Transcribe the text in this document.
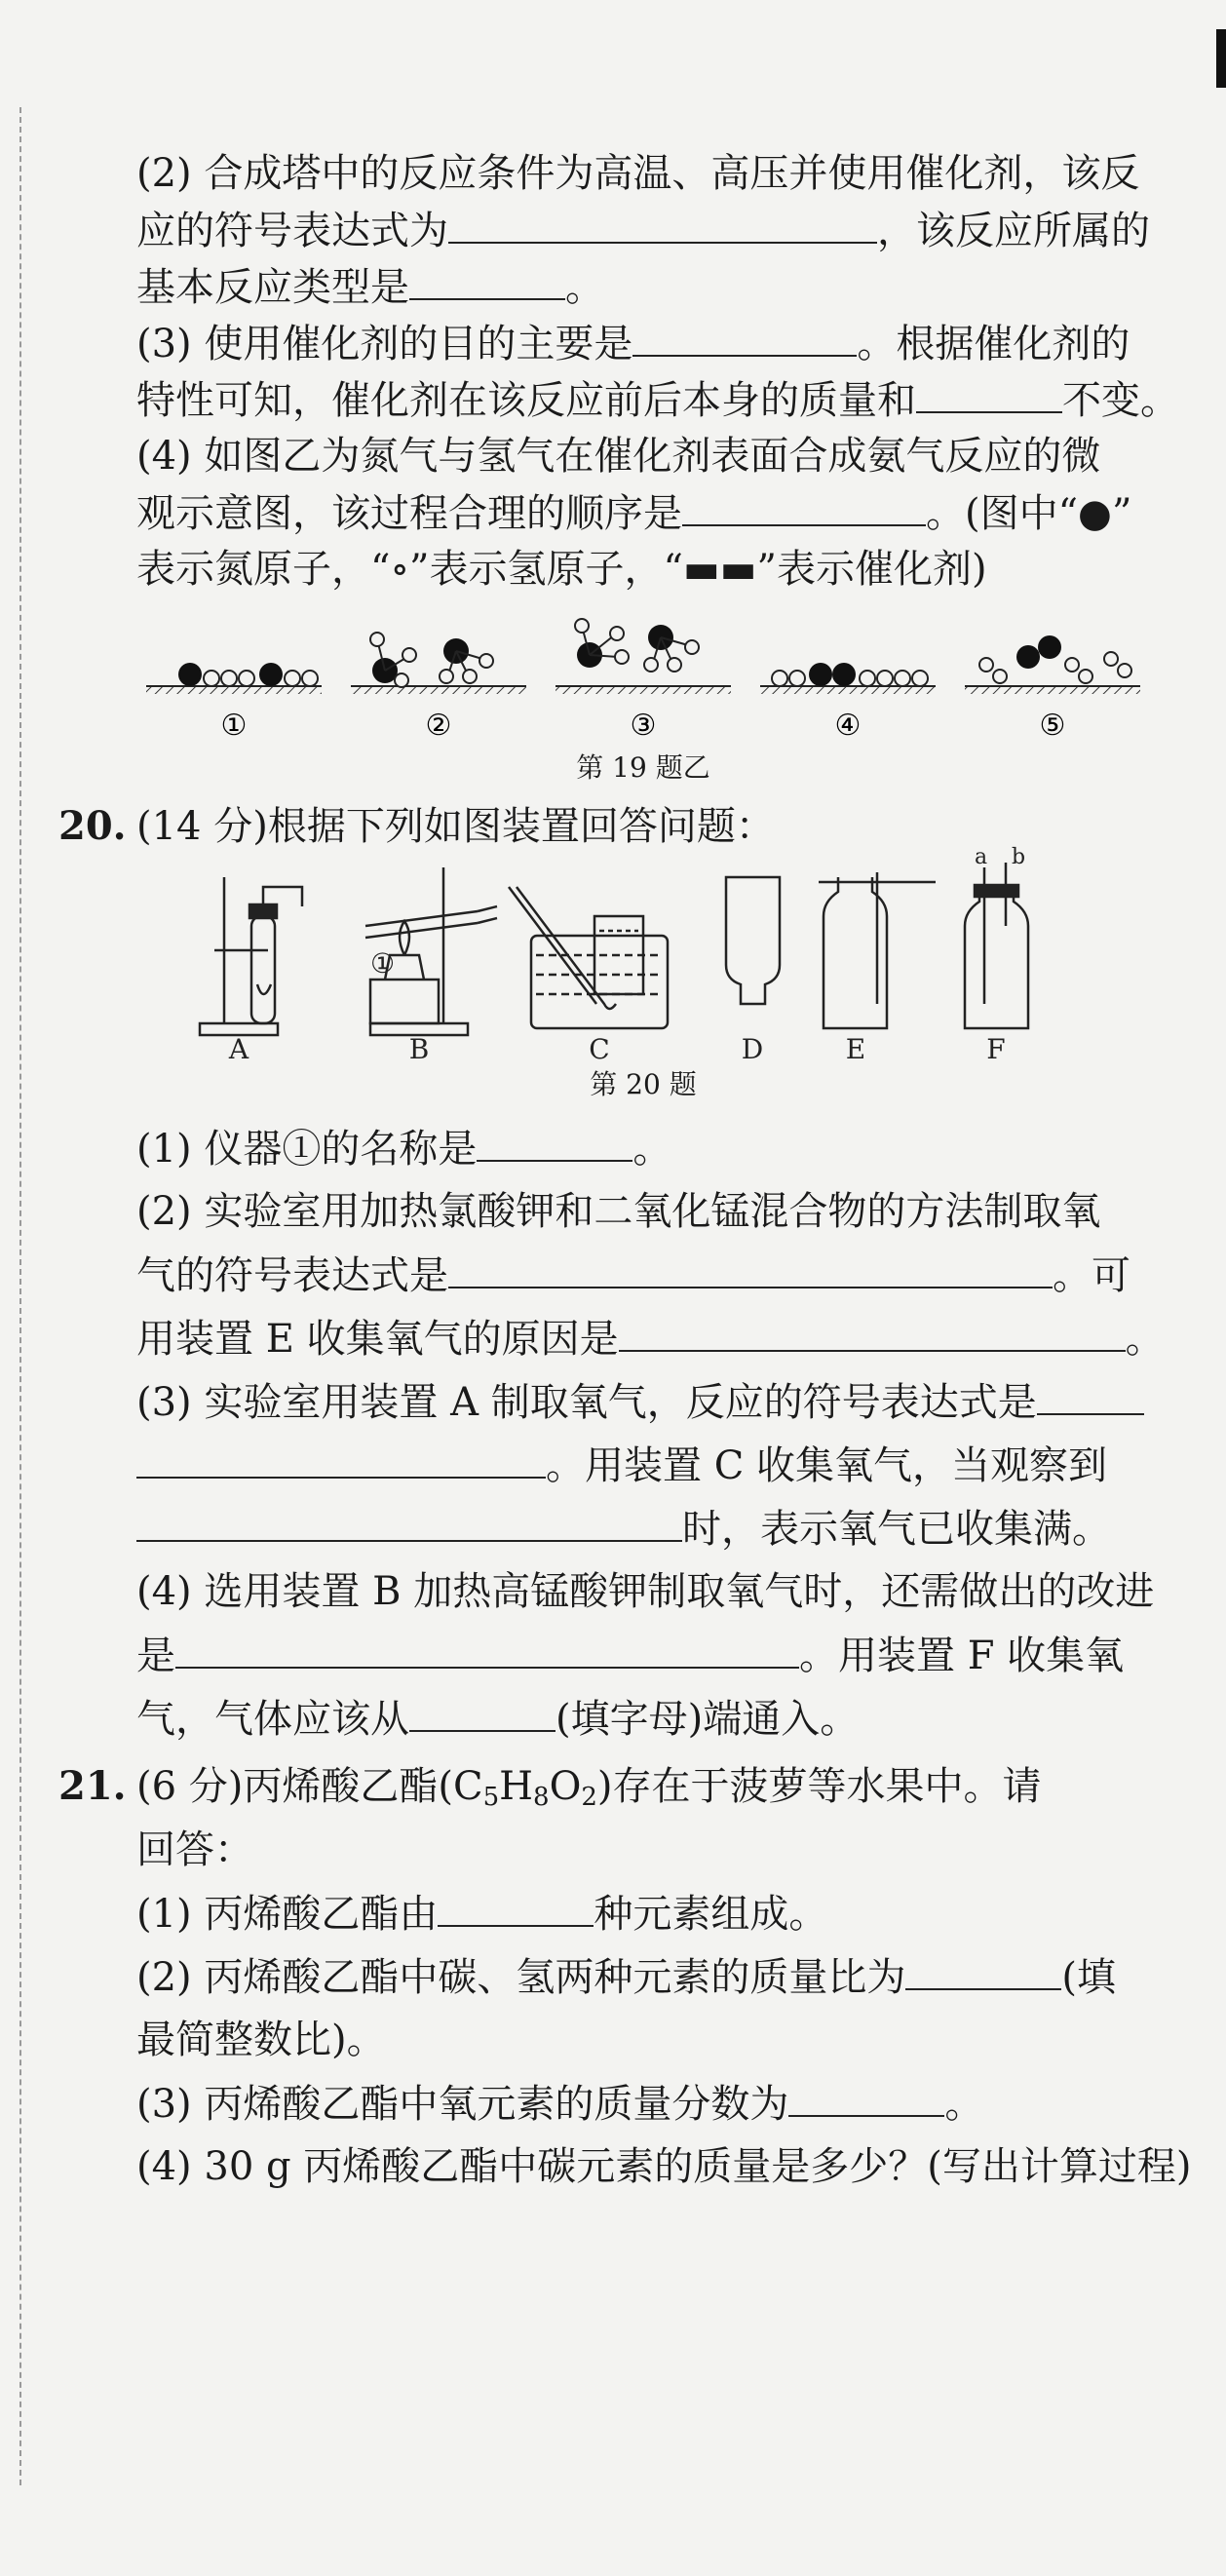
(2) 合成塔中的反应条件为高温、高压并使用催化剂，该反
应的符号表达式为	，该反应所属的
基本反应类型是	。
(3) 使用催化剂的目的主要是	。根据催化剂的
特性可知，催化剂在该反应前后本身的质量和	不变。
(4) 如图乙为氮气与氢气在催化剂表面合成氨气反应的微
观示意图，该过程合理的顺序是	。(图中“●”
表示氮原子，“∘”表示氢原子，“▬▬”表示催化剂)
①	②	③	④	⑤
第 19 题乙
20. (14 分)根据下列如图装置回答问题：
①
a b
A	B	C	D	E	F
第 20 题
(1) 仪器①的名称是	。
(2) 实验室用加热氯酸钾和二氧化锰混合物的方法制取氧
气的符号表达式是	。可
用装置 E 收集氧气的原因是	。
(3) 实验室用装置 A 制取氧气，反应的符号表达式是
。用装置 C 收集氧气，当观察到
时，表示氧气已收集满。
(4) 选用装置 B 加热高锰酸钾制取氧气时，还需做出的改进
是	。用装置 F 收集氧
气，气体应该从	(填字母)端通入。
21. (6 分)丙烯酸乙酯$(C_5H_8O_2)$存在于菠萝等水果中。请
回答：
(1) 丙烯酸乙酯由	种元素组成。
(2) 丙烯酸乙酯中碳、氢两种元素的质量比为	(填
最简整数比)。
(3) 丙烯酸乙酯中氧元素的质量分数为	。
(4) 30 g 丙烯酸乙酯中碳元素的质量是多少？(写出计算过程)
